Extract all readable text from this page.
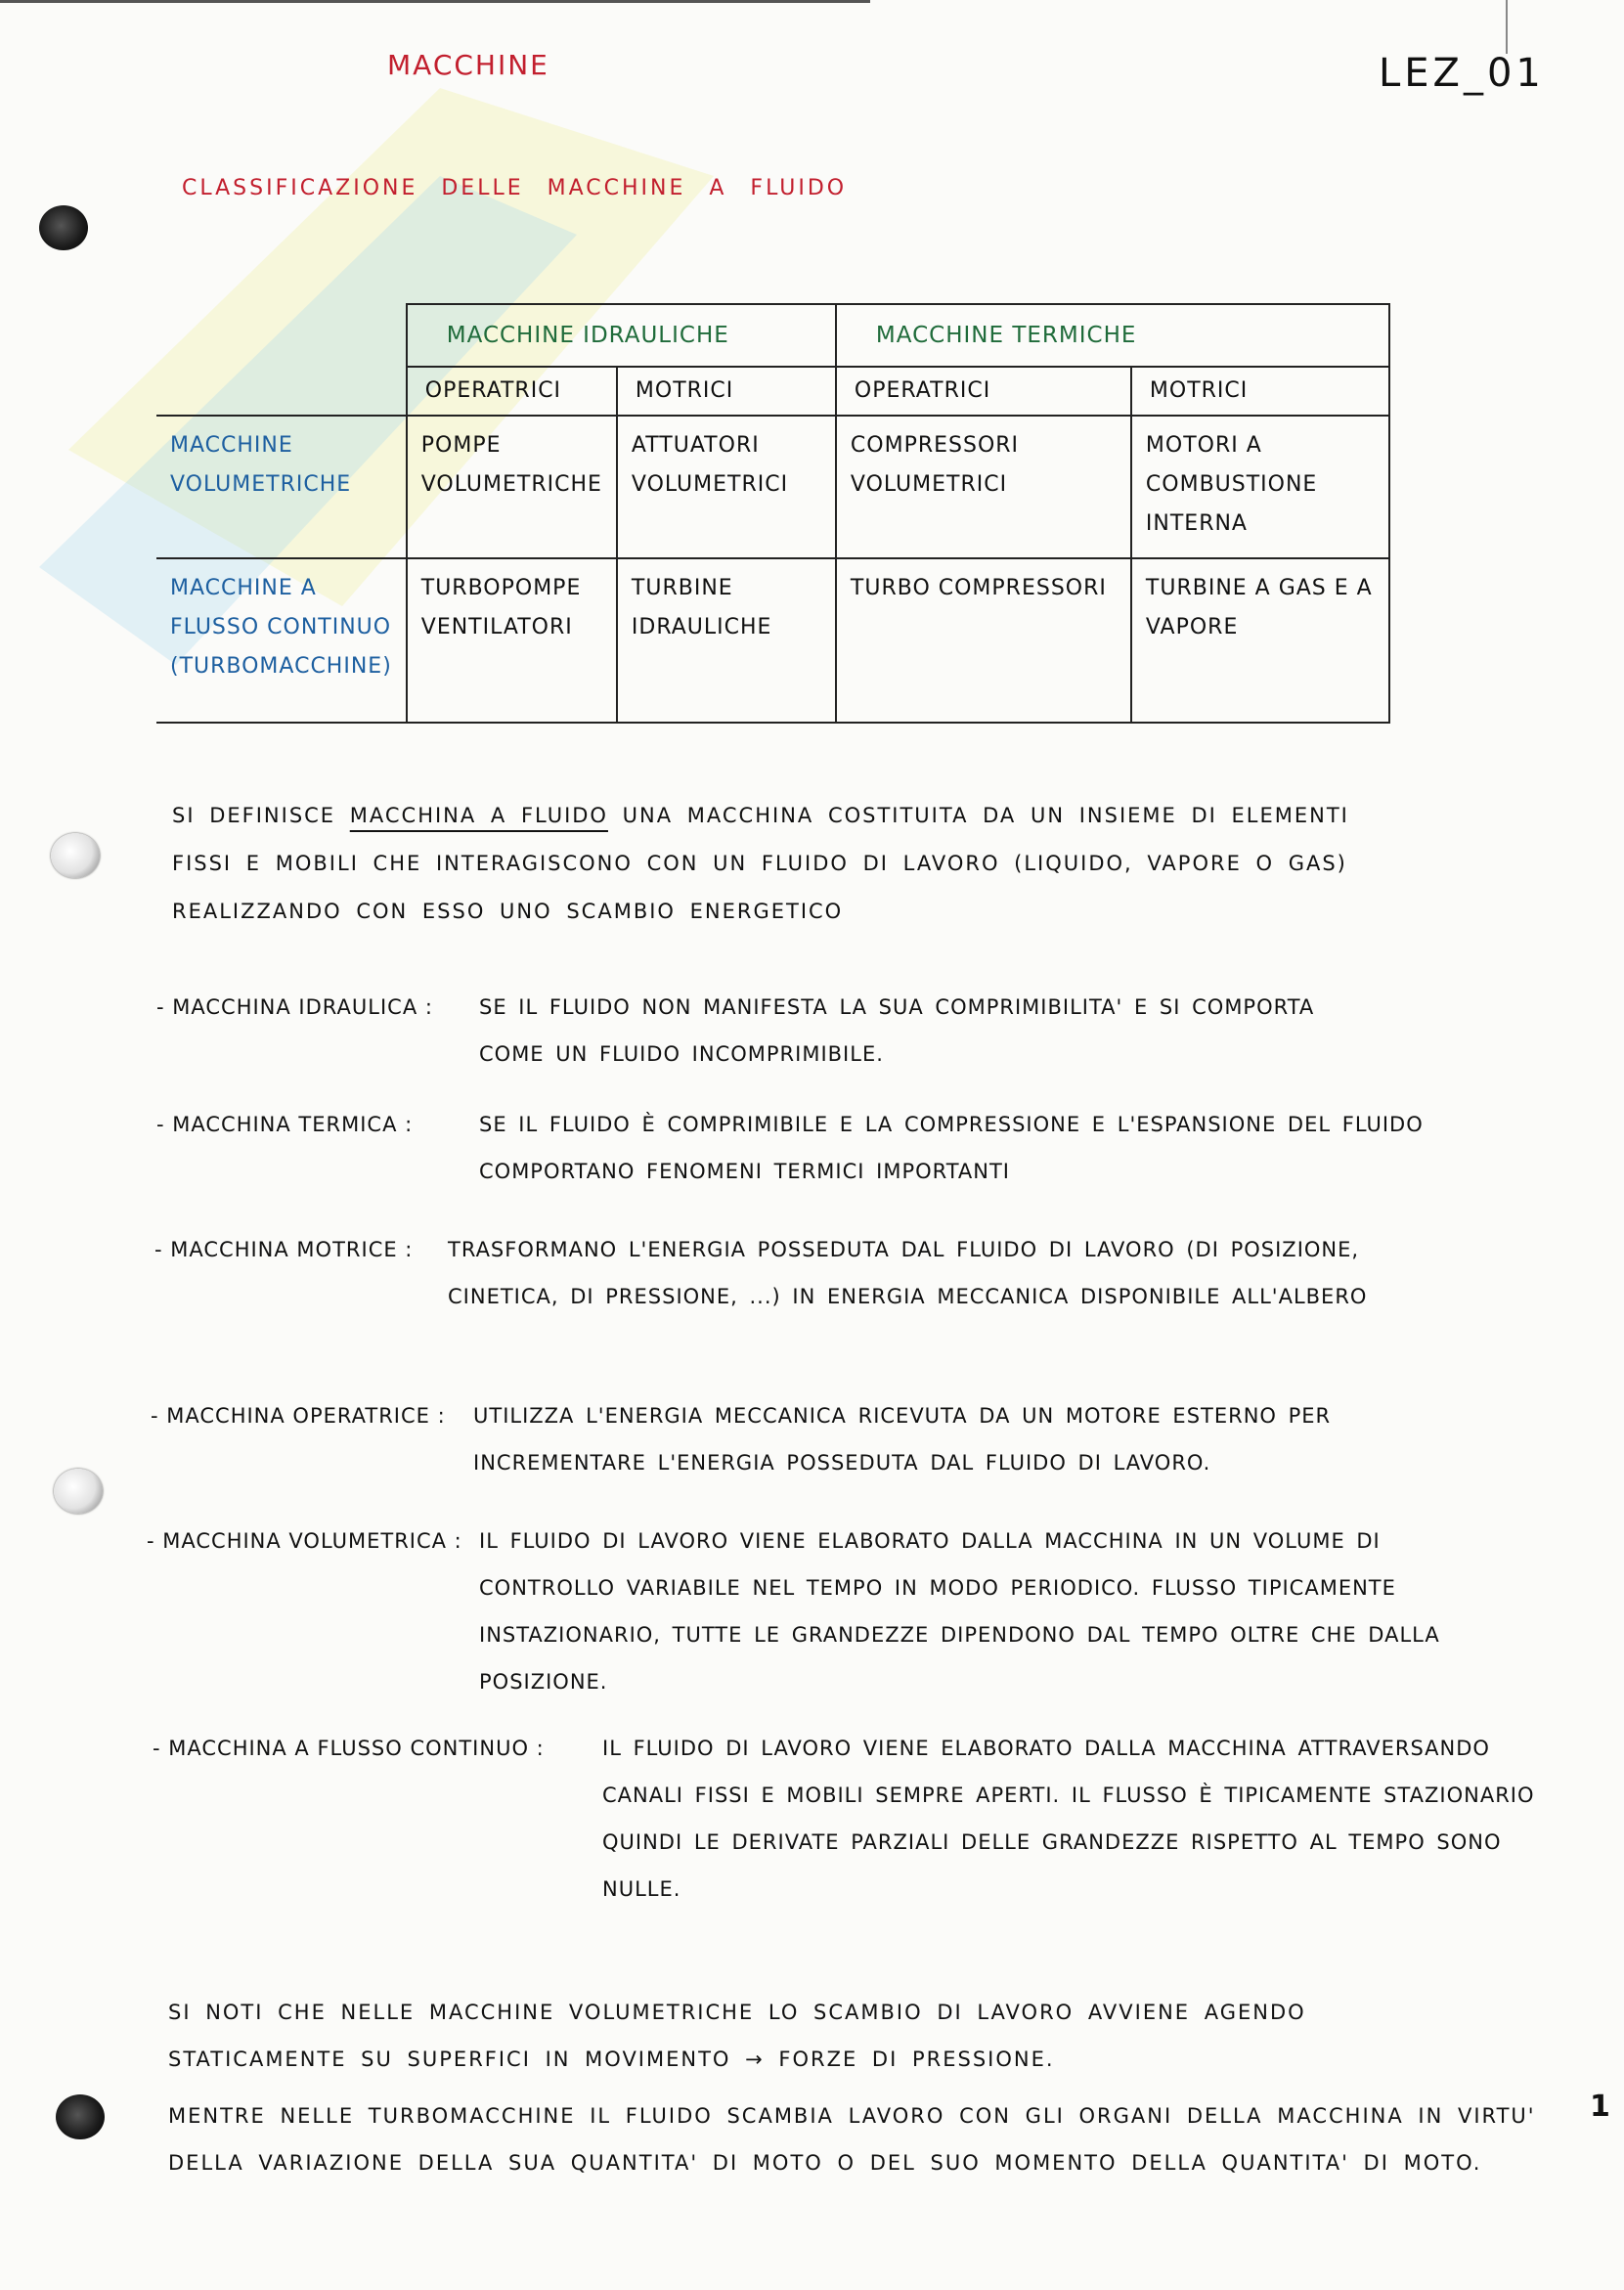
MACCHINE	LEZ_01
CLASSIFICAZIONE DELLE MACCHINE A FLUIDO
	MACCHINE IDRAULICHE		MACCHINE TERMICHE	
	OPERATRICI	MOTRICI	OPERATRICI	MOTRICI
MACCHINE VOLUMETRICHE	POMPE VOLUMETRICHE	ATTUATORI VOLUMETRICI	COMPRESSORI VOLUMETRICI	MOTORI A COMBUSTIONE INTERNA
MACCHINE A FLUSSO CONTINUO (TURBOMACCHINE)	TURBOPOMPE VENTILATORI	TURBINE IDRAULICHE	TURBO COMPRESSORI	TURBINE A GAS E A VAPORE
SI DEFINISCE MACCHINA A FLUIDO UNA MACCHINA COSTITUITA DA UN INSIEME DI ELEMENTI FISSI E MOBILI CHE INTERAGISCONO CON UN FLUIDO DI LAVORO (LIQUIDO, VAPORE O GAS) REALIZZANDO CON ESSO UNO SCAMBIO ENERGETICO
- MACCHINA IDRAULICA : SE IL FLUIDO NON MANIFESTA LA SUA COMPRIMIBILITA' E SI COMPORTA COME UN FLUIDO INCOMPRIMIBILE.
- MACCHINA TERMICA :	SE IL FLUIDO È COMPRIMIBILE E LA COMPRESSIONE E L'ESPANSIONE DEL FLUIDO COMPORTANO FENOMENI TERMICI IMPORTANTI
- MACCHINA MOTRICE : TRASFORMANO L'ENERGIA POSSEDUTA DAL FLUIDO DI LAVORO (DI POSIZIONE, CINETICA, DI PRESSIONE, ...) IN ENERGIA MECCANICA DISPONIBILE ALL'ALBERO
- MACCHINA OPERATRICE : UTILIZZA L'ENERGIA MECCANICA RICEVUTA DA UN MOTORE ESTERNO PER INCREMENTARE L'ENERGIA POSSEDUTA DAL FLUIDO DI LAVORO.
- MACCHINA VOLUMETRICA : IL FLUIDO DI LAVORO VIENE ELABORATO DALLA MACCHINA IN UN VOLUME DI CONTROLLO VARIABILE NEL TEMPO IN MODO PERIODICO. FLUSSO TIPICAMENTE INSTAZIONARIO, TUTTE LE GRANDEZZE DIPENDONO DAL TEMPO OLTRE CHE DALLA POSIZIONE.
- MACCHINA A FLUSSO CONTINUO :	IL FLUIDO DI LAVORO VIENE ELABORATO DALLA MACCHINA ATTRAVERSANDO CANALI FISSI E MOBILI SEMPRE APERTI. IL FLUSSO È TIPICAMENTE STAZIONARIO QUINDI LE DERIVATE PARZIALI DELLE GRANDEZZE RISPETTO AL TEMPO SONO NULLE.
SI NOTI CHE NELLE MACCHINE VOLUMETRICHE LO SCAMBIO DI LAVORO AVVIENE AGENDO STATICAMENTE SU SUPERFICI IN MOVIMENTO → FORZE DI PRESSIONE.
MENTRE NELLE TURBOMACCHINE IL FLUIDO SCAMBIA LAVORO CON GLI ORGANI DELLA MACCHINA IN VIRTU' DELLA VARIAZIONE DELLA SUA QUANTITA' DI MOTO O DEL SUO MOMENTO DELLA QUANTITA' DI MOTO.
1
